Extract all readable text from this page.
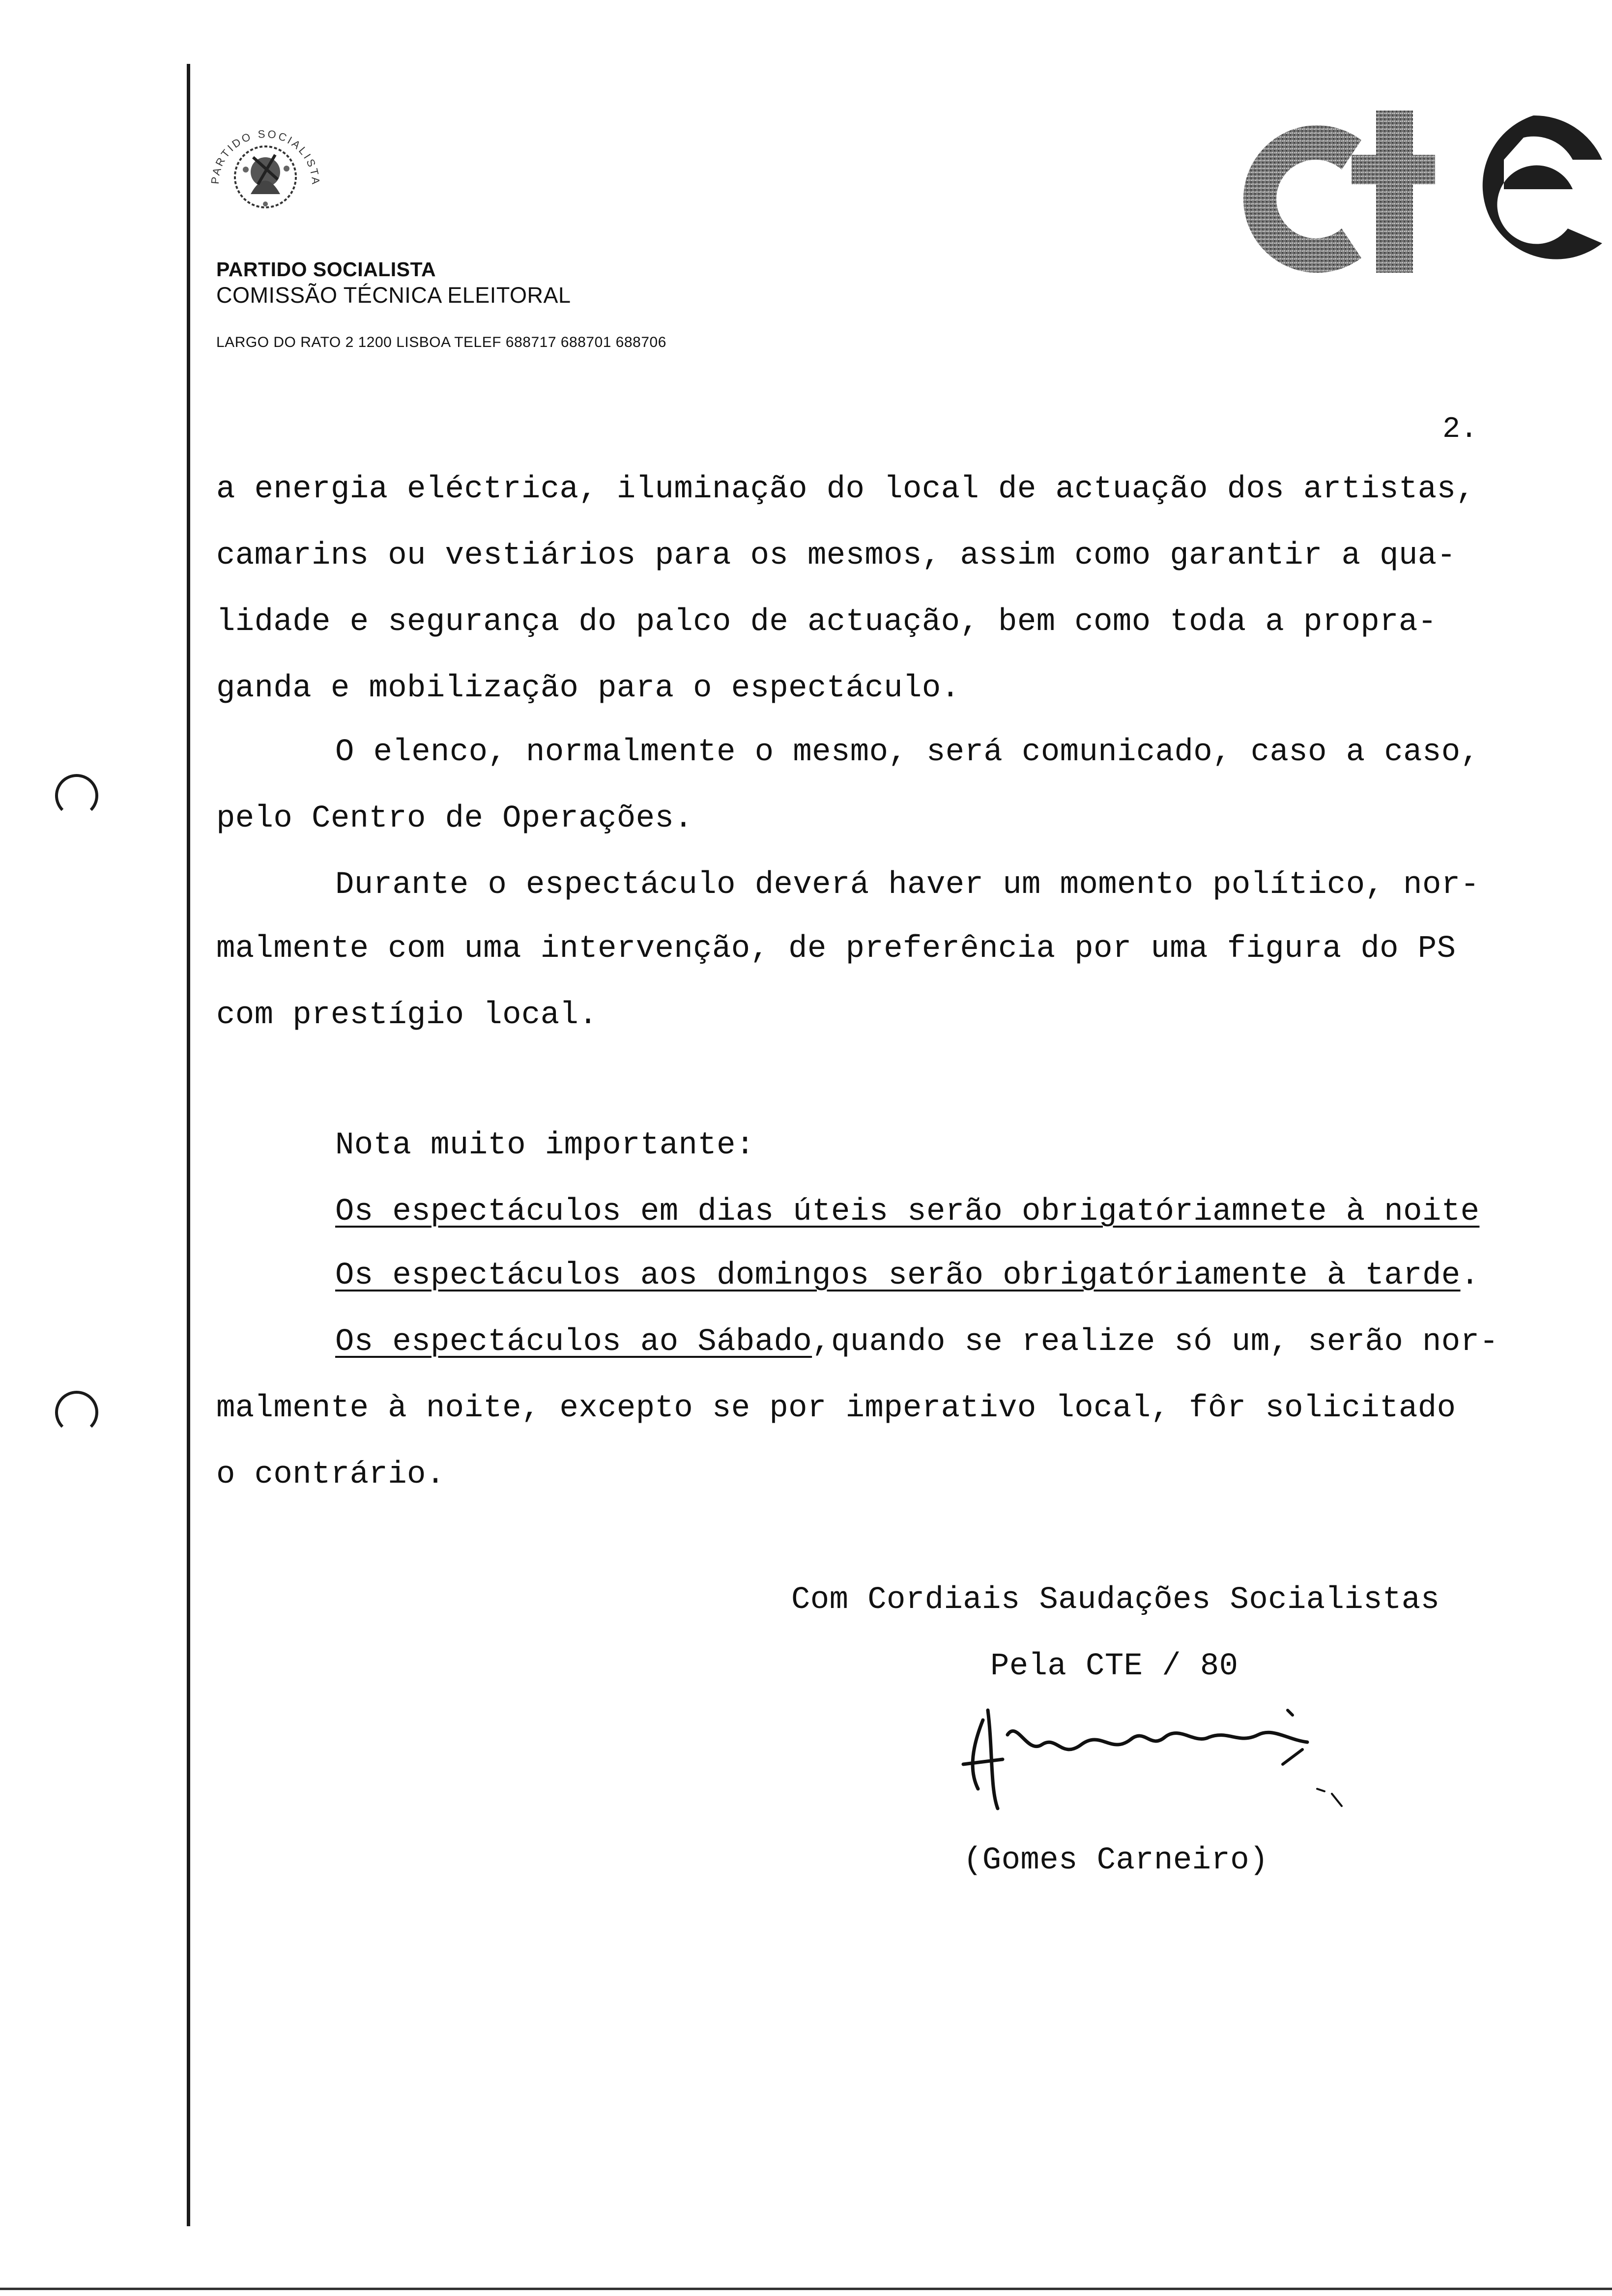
PARTIDO SOCIALISTA
PARTIDO SOCIALISTA
COMISSÃO TÉCNICA ELEITORAL
LARGO DO RATO 2 1200 LISBOA TELEF 688717 688701 688706
cte
2.
a energia eléctrica, iluminação do local de actuação dos artistas,
camarins ou vestiários para os mesmos, assim como garantir a qua-
lidade e segurança do palco de actuação, bem como toda a propra-
ganda e mobilização para o espectáculo.
O elenco, normalmente o mesmo, será comunicado, caso a caso,
pelo Centro de Operações.
Durante o espectáculo deverá haver um momento político, nor-
malmente com uma intervenção, de preferência por uma figura do PS
com prestígio local.
Nota muito importante:
Os espectáculos em dias úteis serão obrigatóriamnete à noite
Os espectáculos aos domingos serão obrigatóriamente à tarde.
Os espectáculos ao Sábado,quando se realize só um, serão nor-
malmente à noite, excepto se por imperativo local, fôr solicitado
o contrário.
Com Cordiais Saudações Socialistas
Pela CTE / 80
(Gomes Carneiro)
